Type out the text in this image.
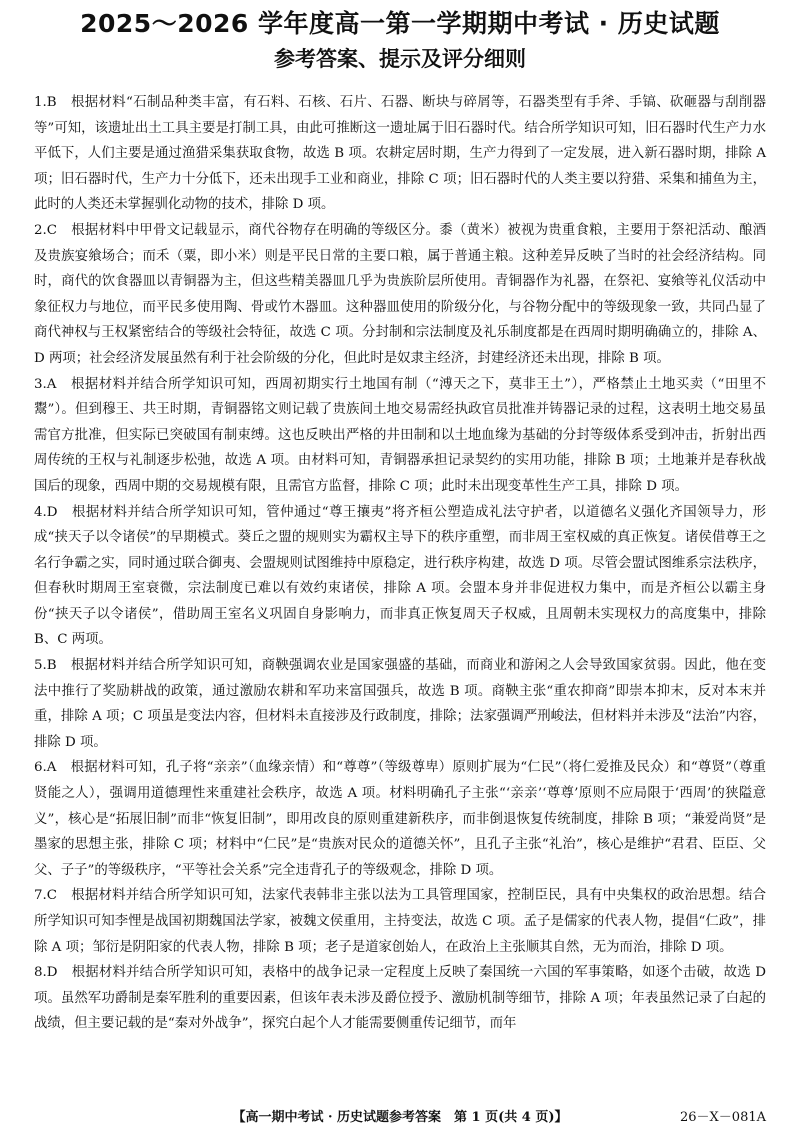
2025～2026 学年度高一第一学期期中考试 · 历史试题
参考答案、提示及评分细则

1.B 根据材料“石制品种类丰富，有石料、石核、石片、石器、断块与碎屑等，石器类型有手斧、手镐、砍砸器与刮削器等”可知，该遗址出土工具主要是打制工具，由此可推断这一遗址属于旧石器时代。结合所学知识可知，旧石器时代生产力水平低下，人们主要是通过渔猎采集获取食物，故选 B 项。农耕定居时期，生产力得到了一定发展，进入新石器时期，排除 A 项；旧石器时代，生产力十分低下，还未出现手工业和商业，排除 C 项；旧石器时代的人类主要以狩猎、采集和捕鱼为主，此时的人类还未掌握驯化动物的技术，排除 D 项。

2.C 根据材料中甲骨文记载显示，商代谷物存在明确的等级区分。黍（黄米）被视为贵重食粮，主要用于祭祀活动、酿酒及贵族宴飨场合；而禾（粟，即小米）则是平民日常的主要口粮，属于普通主粮。这种差异反映了当时的社会经济结构。同时，商代的饮食器皿以青铜器为主，但这些精美器皿几乎为贵族阶层所使用。青铜器作为礼器，在祭祀、宴飨等礼仪活动中象征权力与地位，而平民多使用陶、骨或竹木器皿。这种器皿使用的阶级分化，与谷物分配中的等级现象一致，共同凸显了商代神权与王权紧密结合的等级社会特征，故选 C 项。分封制和宗法制度及礼乐制度都是在西周时期明确确立的，排除 A、D 两项；社会经济发展虽然有利于社会阶级的分化，但此时是奴隶主经济，封建经济还未出现，排除 B 项。

3.A 根据材料并结合所学知识可知，西周初期实行土地国有制（“溥天之下，莫非王土”），严格禁止土地买卖（“田里不鬻”）。但到穆王、共王时期，青铜器铭文则记载了贵族间土地交易需经执政官员批准并铸器记录的过程，这表明土地交易虽需官方批准，但实际已突破国有制束缚。这也反映出严格的井田制和以土地血缘为基础的分封等级体系受到冲击，折射出西周传统的王权与礼制逐步松弛，故选 A 项。由材料可知，青铜器承担记录契约的实用功能，排除 B 项；土地兼并是春秋战国后的现象，西周中期的交易规模有限，且需官方监督，排除 C 项；此时未出现变革性生产工具，排除 D 项。

4.D 根据材料并结合所学知识可知，管仲通过“尊王攘夷”将齐桓公塑造成礼法守护者，以道德名义强化齐国领导力，形成“挟天子以令诸侯”的早期模式。葵丘之盟的规则实为霸权主导下的秩序重塑，而非周王室权威的真正恢复。诸侯借尊王之名行争霸之实，同时通过联合御夷、会盟规则试图维持中原稳定，进行秩序构建，故选 D 项。尽管会盟试图维系宗法秩序，但春秋时期周王室衰微，宗法制度已难以有效约束诸侯，排除 A 项。会盟本身并非促进权力集中，而是齐桓公以霸主身份“挟天子以令诸侯”，借助周王室名义巩固自身影响力，而非真正恢复周天子权威，且周朝未实现权力的高度集中，排除 B、C 两项。

5.B 根据材料并结合所学知识可知，商鞅强调农业是国家强盛的基础，而商业和游闲之人会导致国家贫弱。因此，他在变法中推行了奖励耕战的政策，通过激励农耕和军功来富国强兵，故选 B 项。商鞅主张“重农抑商”即崇本抑末，反对本末并重，排除 A 项；C 项虽是变法内容，但材料未直接涉及行政制度，排除；法家强调严刑峻法，但材料并未涉及“法治”内容，排除 D 项。

6.A 根据材料可知，孔子将“亲亲”（血缘亲情）和“尊尊”（等级尊卑）原则扩展为“仁民”（将仁爱推及民众）和“尊贤”（尊重贤能之人），强调用道德理性来重建社会秩序，故选 A 项。材料明确孔子主张“‘亲亲’‘尊尊’原则不应局限于‘西周’的狭隘意义”，核心是“拓展旧制”而非“恢复旧制”，即用改良的原则重建新秩序，而非倒退恢复传统制度，排除 B 项；“兼爱尚贤”是墨家的思想主张，排除 C 项；材料中“仁民”是“贵族对民众的道德关怀”，且孔子主张“礼治”，核心是维护“君君、臣臣、父父、子子”的等级秩序，“平等社会关系”完全违背孔子的等级观念，排除 D 项。

7.C 根据材料并结合所学知识可知，法家代表韩非主张以法为工具管理国家，控制臣民，具有中央集权的政治思想。结合所学知识可知李悝是战国初期魏国法学家，被魏文侯重用，主持变法，故选 C 项。孟子是儒家的代表人物，提倡“仁政”，排除 A 项；邹衍是阴阳家的代表人物，排除 B 项；老子是道家创始人，在政治上主张顺其自然，无为而治，排除 D 项。

8.D 根据材料并结合所学知识可知，表格中的战争记录一定程度上反映了秦国统一六国的军事策略，如逐个击破，故选 D 项。虽然军功爵制是秦军胜利的重要因素，但该年表未涉及爵位授予、激励机制等细节，排除 A 项；年表虽然记录了白起的战绩，但主要记载的是“秦对外战争”，探究白起个人才能需要侧重传记细节，而年

【高一期中考试 · 历史试题参考答案　第 1 页(共 4 页)】	26－X－081A
